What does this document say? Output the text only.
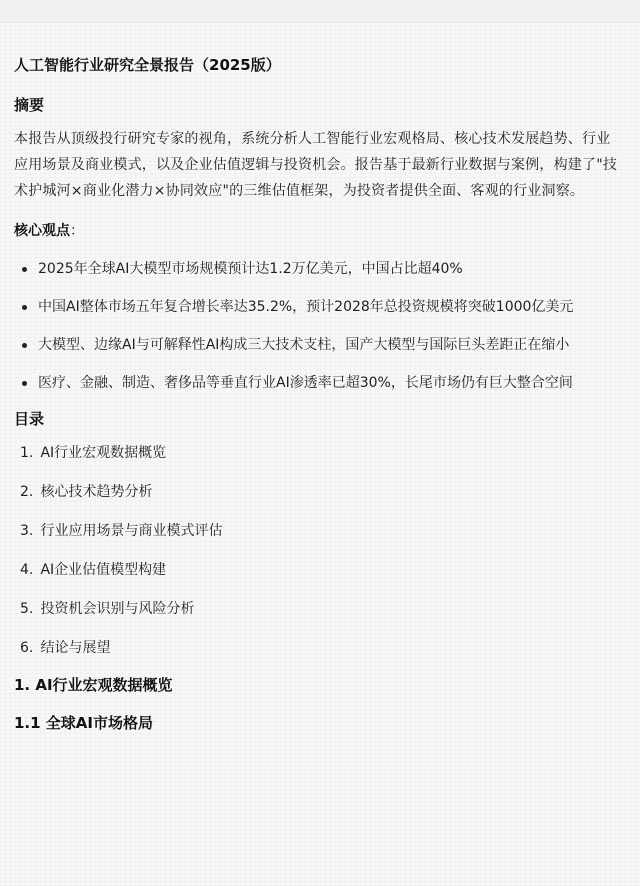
人工智能行业研究全景报告（2025版）
摘要

本报告从顶级投行研究专家的视角，系统分析人工智能行业宏观格局、核心技术发展趋势、行业应用场景及商业模式，以及企业估值逻辑与投资机会。报告基于最新行业数据与案例，构建了"技术护城河×商业化潜力×协同效应"的三维估值框架，为投资者提供全面、客观的行业洞察。

核心观点：

2025年全球AI大模型市场规模预计达1.2万亿美元，中国占比超40%
中国AI整体市场五年复合增长率达35.2%，预计2028年总投资规模将突破1000亿美元
大模型、边缘AI与可解释性AI构成三大技术支柱，国产大模型与国际巨头差距正在缩小
医疗、金融、制造、奢侈品等垂直行业AI渗透率已超30%，长尾市场仍有巨大整合空间
目录
1. AI行业宏观数据概览
2. 核心技术趋势分析
3. 行业应用场景与商业模式评估
4. AI企业估值模型构建
5. 投资机会识别与风险分析
6. 结论与展望
1. AI行业宏观数据概览
1.1 全球AI市场格局
